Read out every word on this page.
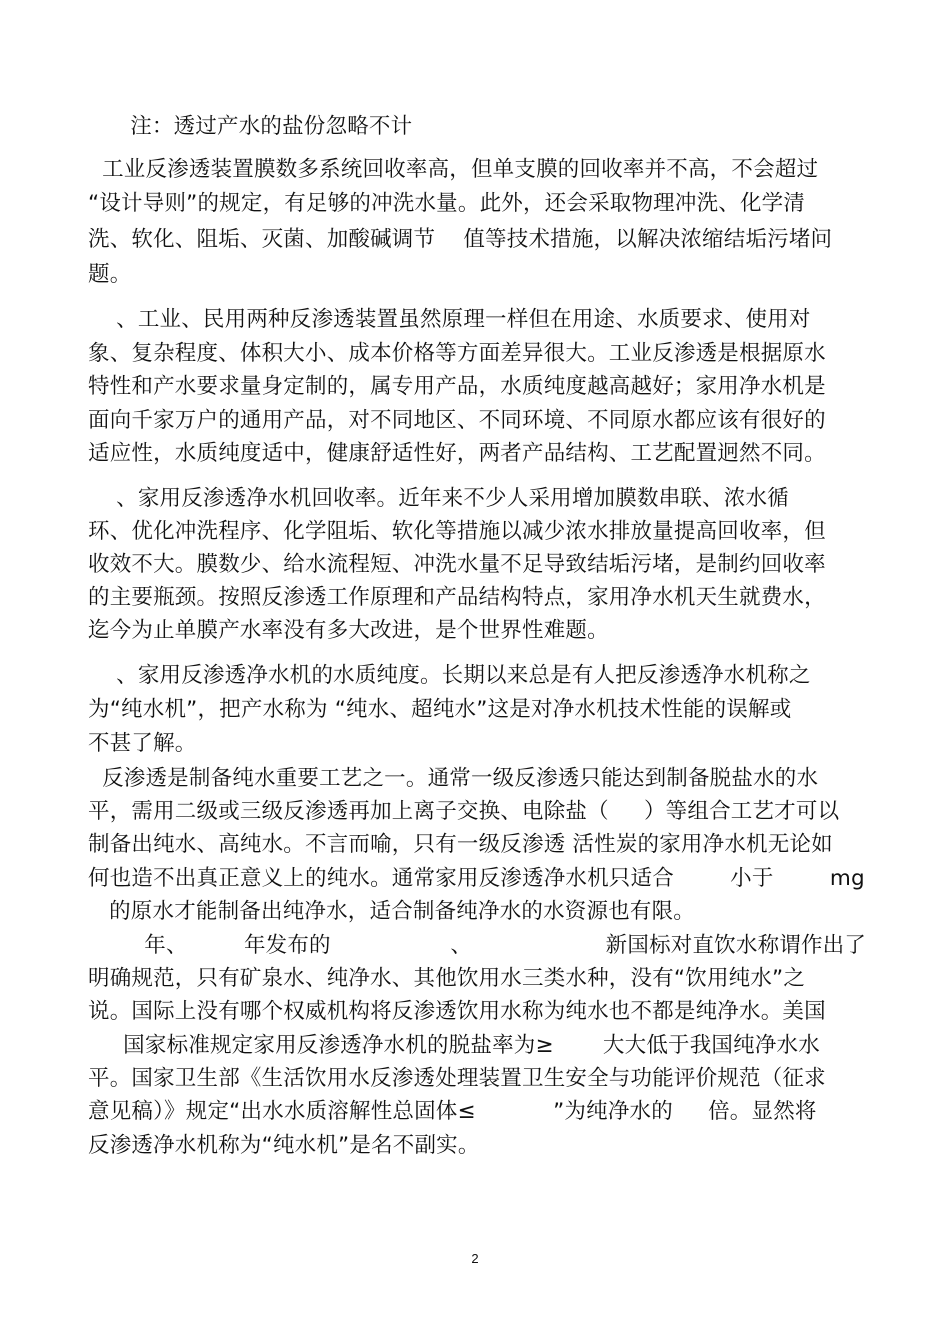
注：透过产水的盐份忽略不计
工业反渗透装置膜数多系统回收率高，但单支膜的回收率并不高，不会超过
“设计导则”的规定，有足够的冲洗水量。此外，还会采取物理冲洗、化学清
洗、软化、阻垢、灭菌、加酸碱调节    值等技术措施，以解决浓缩结垢污堵问
题。
、工业、民用两种反渗透装置虽然原理一样但在用途、水质要求、使用对
象、复杂程度、体积大小、成本价格等方面差异很大。工业反渗透是根据原水
特性和产水要求量身定制的，属专用产品，水质纯度越高越好；家用净水机是
面向千家万户的通用产品，对不同地区、不同环境、不同原水都应该有很好的
适应性，水质纯度适中，健康舒适性好，两者产品结构、工艺配置迥然不同。
、家用反渗透净水机回收率。近年来不少人采用增加膜数串联、浓水循
环、优化冲洗程序、化学阻垢、软化等措施以减少浓水排放量提高回收率，但
收效不大。膜数少、给水流程短、冲洗水量不足导致结垢污堵，是制约回收率
的主要瓶颈。按照反渗透工作原理和产品结构特点，家用净水机天生就费水，
迄今为止单膜产水率没有多大改进，是个世界性难题。
、家用反渗透净水机的水质纯度。长期以来总是有人把反渗透净水机称之
为“纯水机”，把产水称为 “纯水、超纯水”这是对净水机技术性能的误解或
不甚了解。
反渗透是制备纯水重要工艺之一。通常一级反渗透只能达到制备脱盐水的水
平，需用二级或三级反渗透再加上离子交换、电除盐（     ）等组合工艺才可以
制备出纯水、高纯水。不言而喻，只有一级反渗透 活性炭的家用净水机无论如
何也造不出真正意义上的纯水。通常家用反渗透净水机只适合        小于        mg
的原水才能制备出纯净水，适合制备纯净水的水资源也有限。
年、        年发布的                 、                   新国标对直饮水称谓作出了
明确规范，只有矿泉水、纯净水、其他饮用水三类水种，没有“饮用纯水”之
说。国际上没有哪个权威机构将反渗透饮用水称为纯水也不都是纯净水。美国
国家标准规定家用反渗透净水机的脱盐率为≥       大大低于我国纯净水水
平。国家卫生部《生活饮用水反渗透处理装置卫生安全与功能评价规范（征求
意见稿）》规定“出水水质溶解性总固体≤           ”为纯净水的     倍。显然将
反渗透净水机称为“纯水机”是名不副实。
2
